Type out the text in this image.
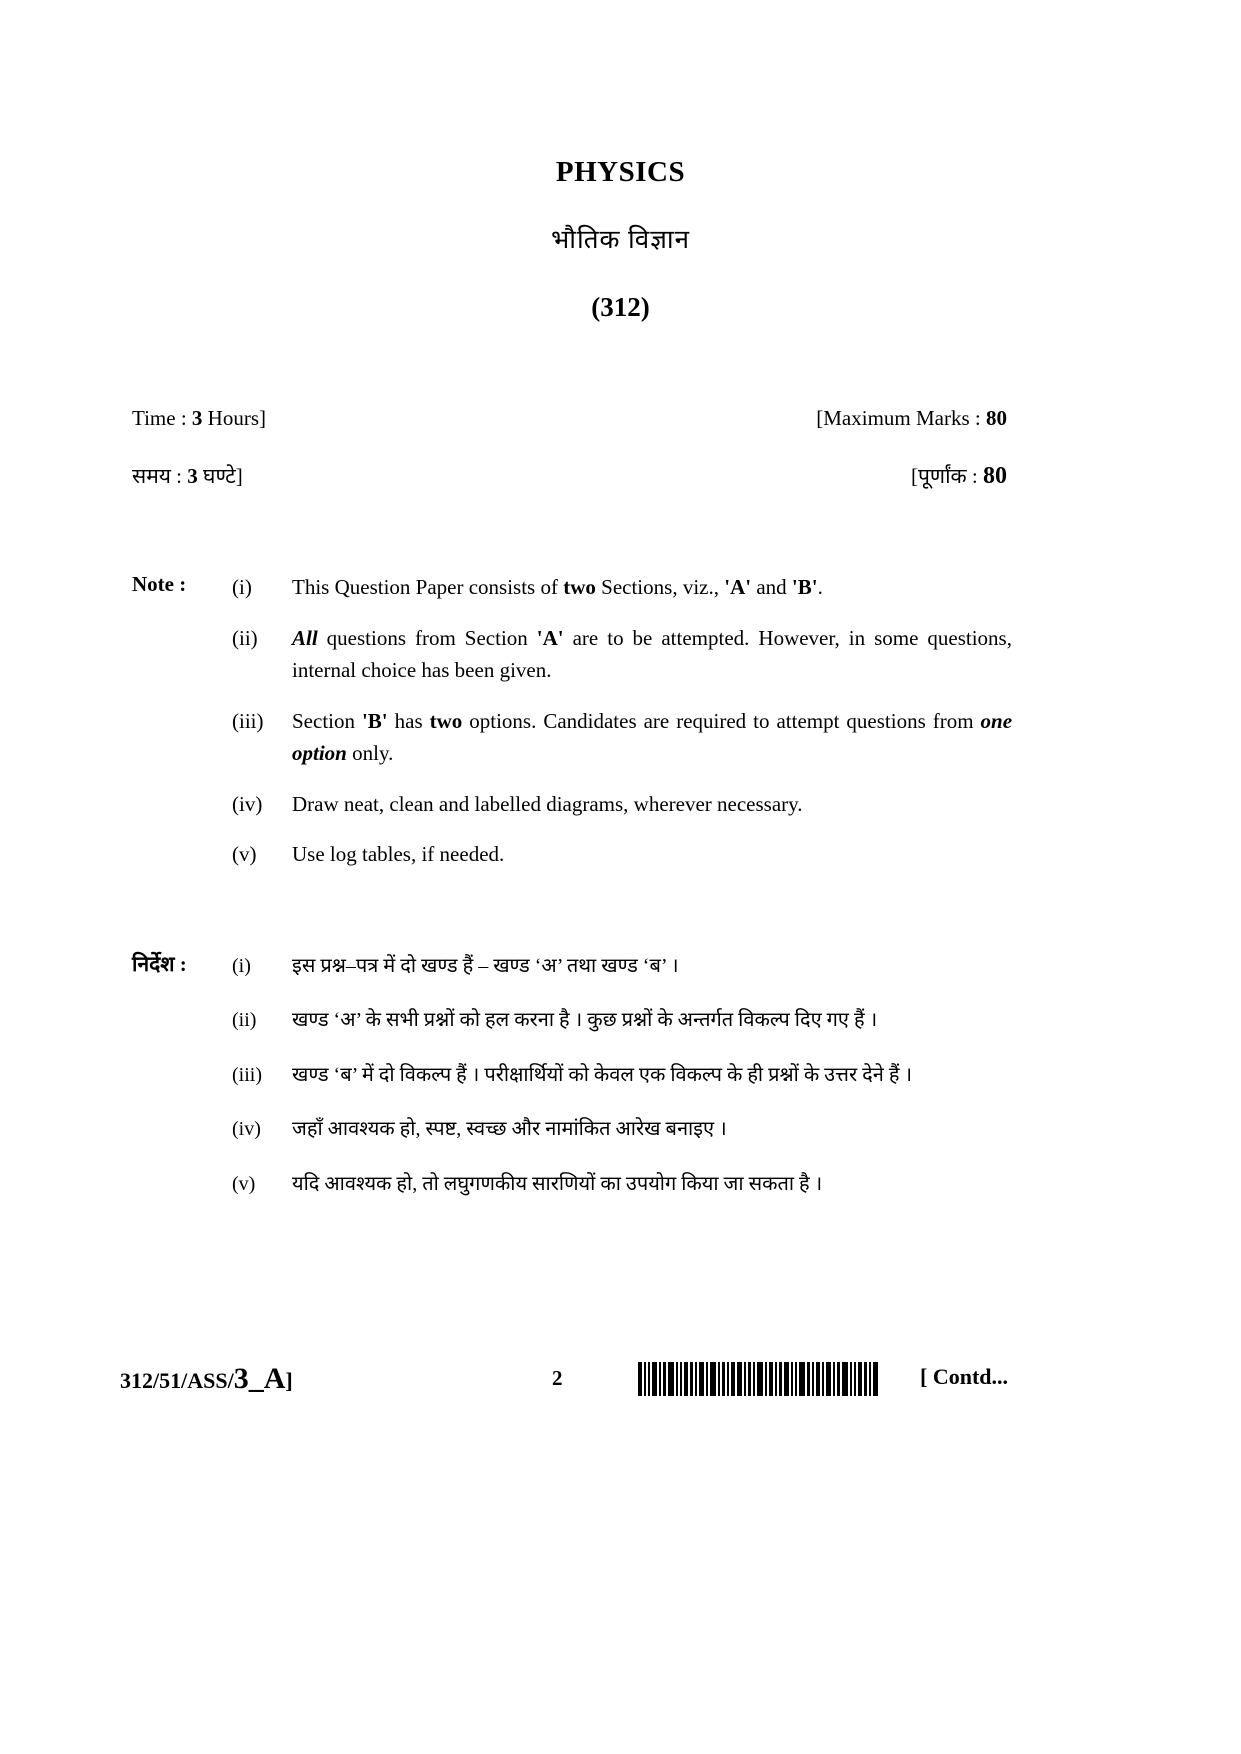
PHYSICS
भौतिक विज्ञान
(312)
Time : 3 Hours]	[Maximum Marks : 80
समय : 3 घण्टे]	[पूर्णांक : 80
Note : (i)	This Question Paper consists of two Sections, viz., 'A' and 'B'.
(ii)	All questions from Section 'A' are to be attempted. However, in some questions, internal choice has been given.
(iii)	Section 'B' has two options. Candidates are required to attempt questions from one option only.
(iv)	Draw neat, clean and labelled diagrams, wherever necessary.
(v)	Use log tables, if needed.
निर्देश : (i)	इस प्रश्न–पत्र में दो खण्ड हैं – खण्ड ‘अ’ तथा खण्ड ‘ब’ ।
(ii)	खण्ड ‘अ’ के सभी प्रश्नों को हल करना है । कुछ प्रश्नों के अन्तर्गत विकल्प दिए गए हैं ।
(iii)	खण्ड ‘ब’ में दो विकल्प हैं । परीक्षार्थियों को केवल एक विकल्प के ही प्रश्नों के उत्तर देने हैं ।
(iv)	जहाँ आवश्यक हो, स्पष्ट, स्वच्छ और नामांकित आरेख बनाइए ।
(v)	यदि आवश्यक हो, तो लघुगणकीय सारणियों का उपयोग किया जा सकता है ।
312/51/ASS/3_A]	2	[ Contd...
